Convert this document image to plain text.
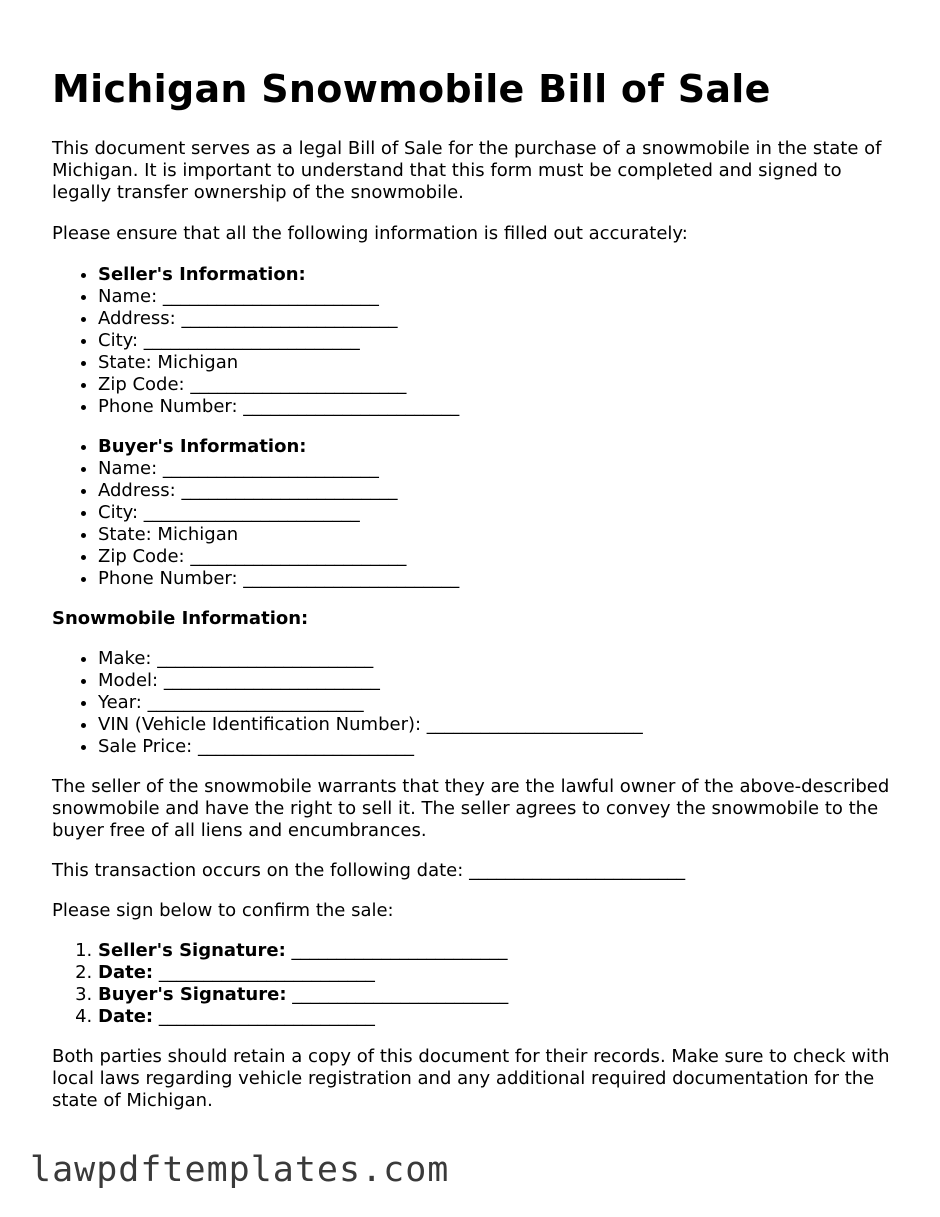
Michigan Snowmobile Bill of Sale

This document serves as a legal Bill of Sale for the purchase of a snowmobile in the state of Michigan. It is important to understand that this form must be completed and signed to legally transfer ownership of the snowmobile.

Please ensure that all the following information is filled out accurately:

• Seller's Information:
• Name: ________________________
• Address: ________________________
• City: ________________________
• State: Michigan
• Zip Code: ________________________
• Phone Number: ________________________
• Buyer's Information:
• Name: ________________________
• Address: ________________________
• City: ________________________
• State: Michigan
• Zip Code: ________________________
• Phone Number: ________________________

Snowmobile Information:

• Make: ________________________
• Model: ________________________
• Year: ________________________
• VIN (Vehicle Identification Number): ________________________
• Sale Price: ________________________

The seller of the snowmobile warrants that they are the lawful owner of the above-described snowmobile and have the right to sell it. The seller agrees to convey the snowmobile to the buyer free of all liens and encumbrances.

This transaction occurs on the following date: ________________________

Please sign below to confirm the sale:

1. Seller's Signature: ________________________
2. Date: ________________________
3. Buyer's Signature: ________________________
4. Date: ________________________

Both parties should retain a copy of this document for their records. Make sure to check with local laws regarding vehicle registration and any additional required documentation for the state of Michigan.

lawpdftemplates.com
